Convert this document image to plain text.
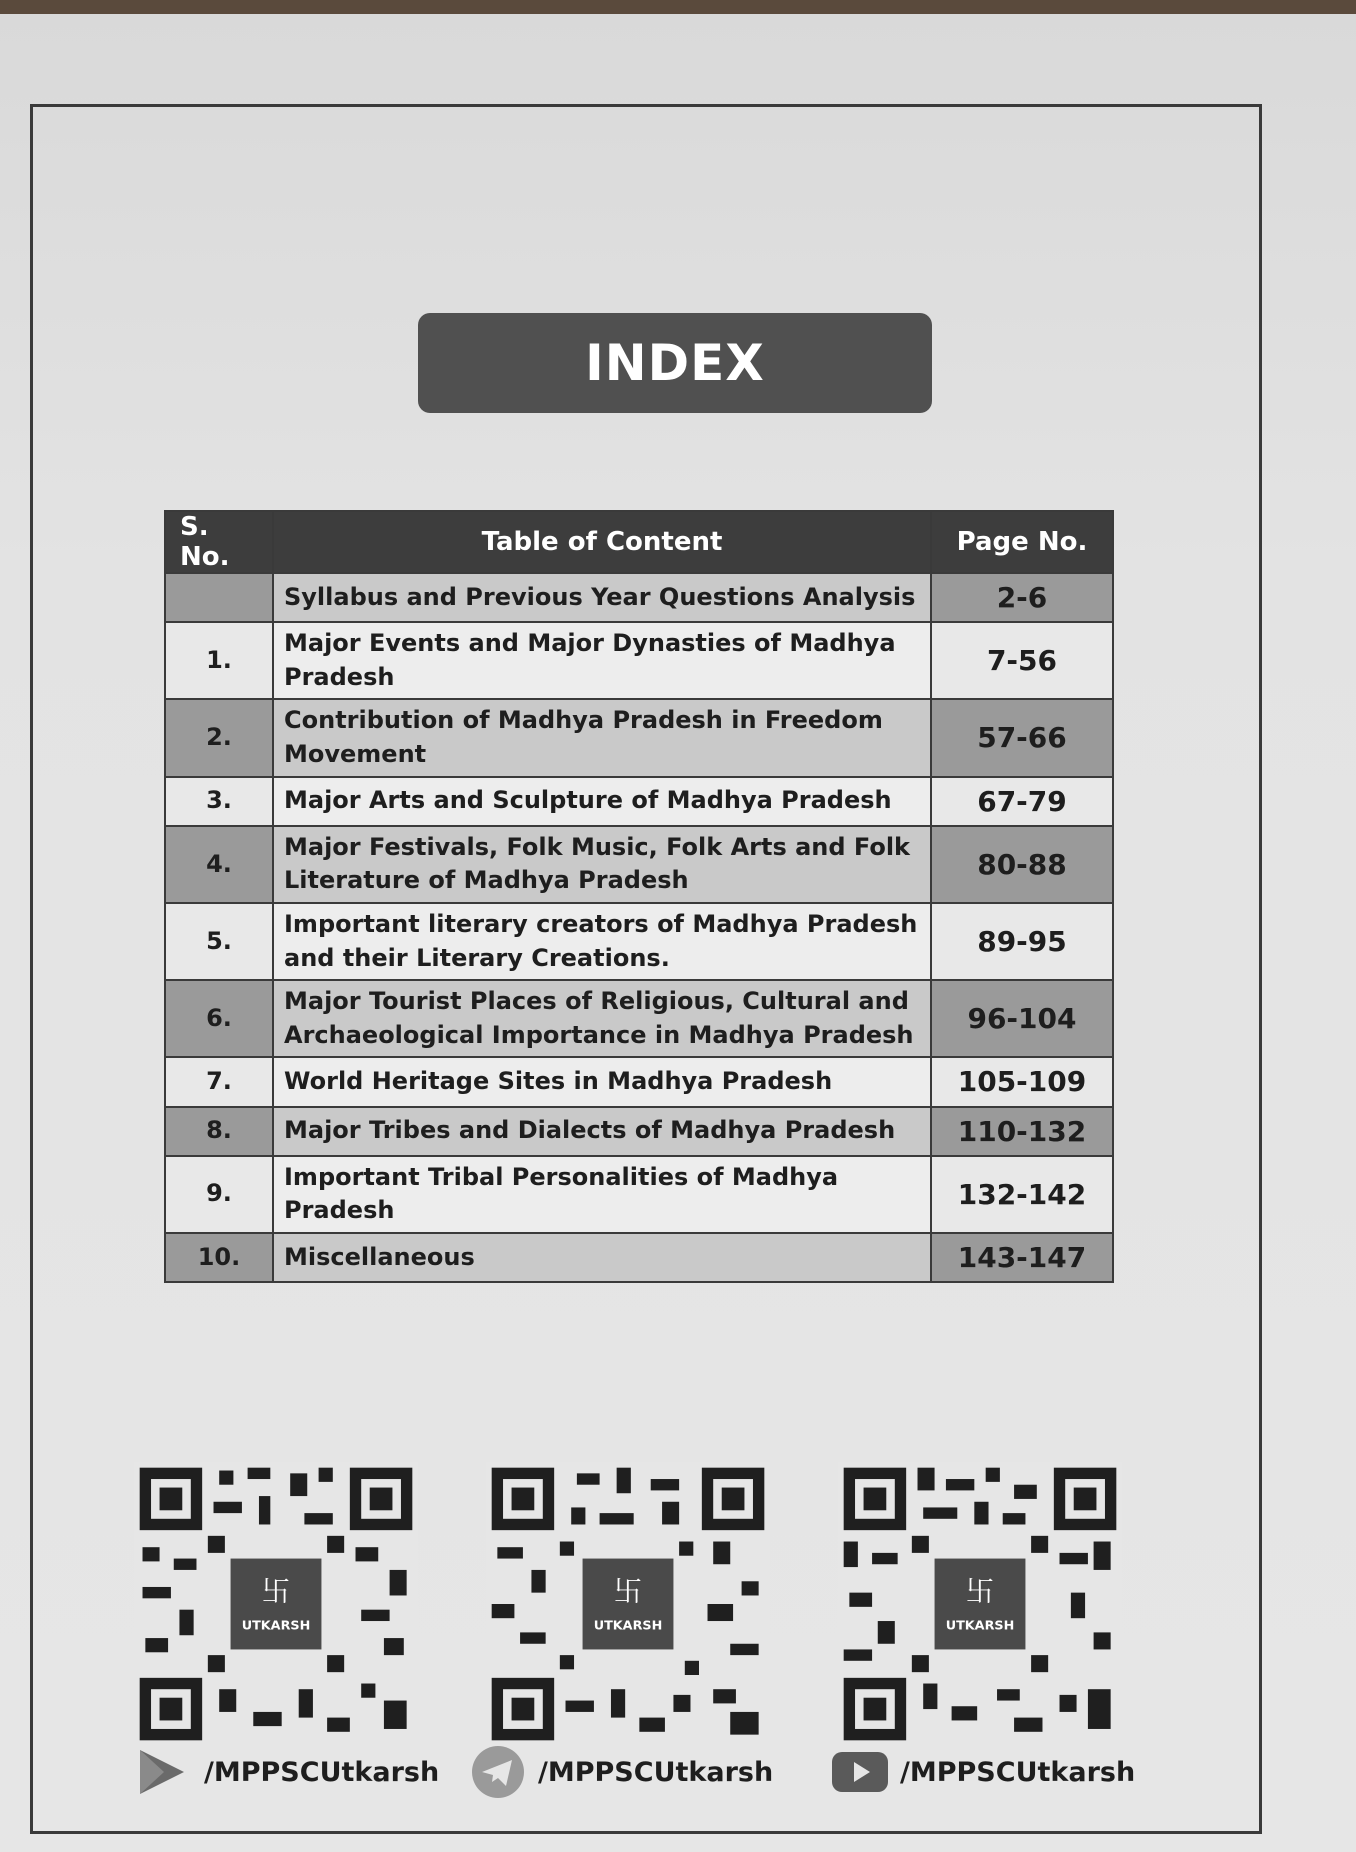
INDEX
S. No.	Table of Content	Page No.
	Syllabus and Previous Year Questions Analysis	2-6
1.	Major Events and Major Dynasties of Madhya Pradesh	7-56
2.	Contribution of Madhya Pradesh in Freedom Movement	57-66
3.	Major Arts and Sculpture of Madhya Pradesh	67-79
4.	Major Festivals, Folk Music, Folk Arts and Folk Literature of Madhya Pradesh	80-88
5.	Important literary creators of Madhya Pradesh and their Literary Creations.	89-95
6.	Major Tourist Places of Religious, Cultural and Archaeological Importance in Madhya Pradesh	96-104
7.	World Heritage Sites in Madhya Pradesh	105-109
8.	Major Tribes and Dialects of Madhya Pradesh	110-132
9.	Important Tribal Personalities of Madhya Pradesh	132-142
10.	Miscellaneous	143-147
卐
UTKARSH
卐
UTKARSH
卐
UTKARSH
/MPPSCUtkarsh	/MPPSCUtkarsh	/MPPSCUtkarsh
